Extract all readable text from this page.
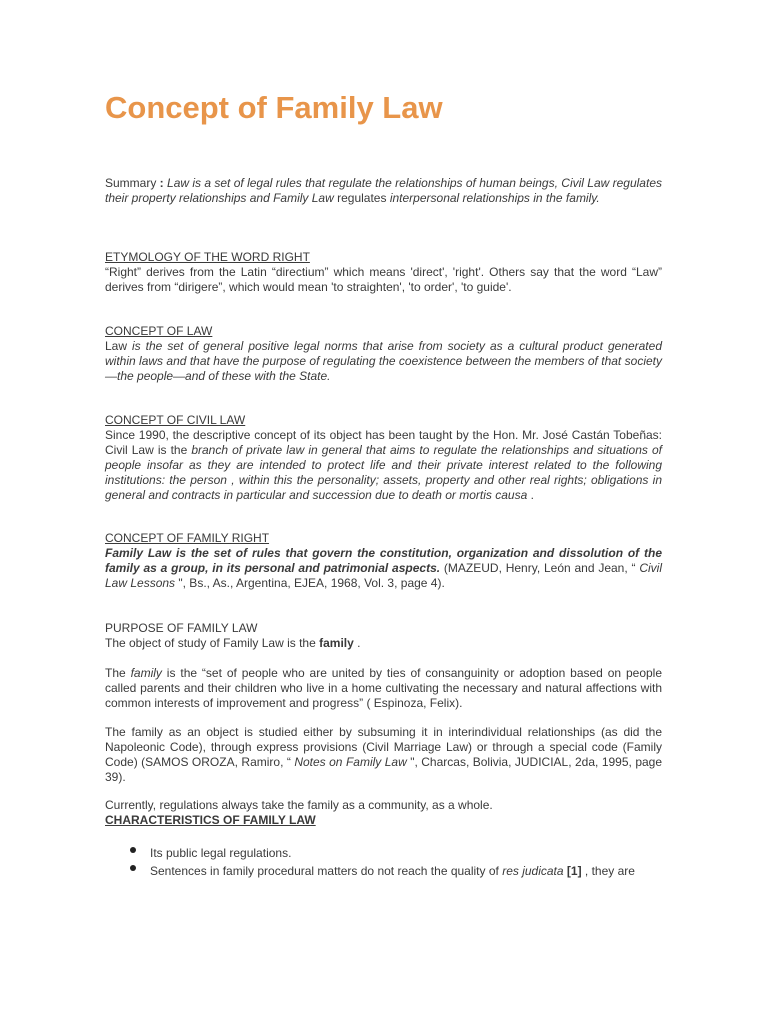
Concept of Family Law

Summary : Law is a set of legal rules that regulate the relationships of human beings, Civil Law regulates their property relationships and Family Law regulates interpersonal relationships in the family.

ETYMOLOGY OF THE WORD RIGHT

“Right” derives from the Latin “directium” which means 'direct', 'right'. Others say that the word “Law” derives from “dirigere”, which would mean 'to straighten', 'to order', 'to guide'.

CONCEPT OF LAW

Law is the set of general positive legal norms that arise from society as a cultural product generated within laws and that have the purpose of regulating the coexistence between the members of that society—the people—and of these with the State.

CONCEPT OF CIVIL LAW

Since 1990, the descriptive concept of its object has been taught by the Hon. Mr. José Castán Tobeñas: Civil Law is the branch of private law in general that aims to regulate the relationships and situations of people insofar as they are intended to protect life and their private interest related to the following institutions: the person , within this the personality; assets, property and other real rights; obligations in general and contracts in particular and succession due to death or mortis causa .

CONCEPT OF FAMILY RIGHT

Family Law is the set of rules that govern the constitution, organization and dissolution of the family as a group, in its personal and patrimonial aspects. (MAZEUD, Henry, León and Jean, “ Civil Law Lessons ", Bs., As., Argentina, EJEA, 1968, Vol. 3, page 4).

PURPOSE OF FAMILY LAW

The object of study of Family Law is the family .

The family is the “set of people who are united by ties of consanguinity or adoption based on people called parents and their children who live in a home cultivating the necessary and natural affections with common interests of improvement and progress” ( Espinoza, Felix).

The family as an object is studied either by subsuming it in interindividual relationships (as did the Napoleonic Code), through express provisions (Civil Marriage Law) or through a special code (Family Code) (SAMOS OROZA, Ramiro, “ Notes on Family Law ", Charcas, Bolivia, JUDICIAL, 2da, 1995, page 39).

Currently, regulations always take the family as a community, as a whole.

CHARACTERISTICS OF FAMILY LAW

Its public legal regulations.
Sentences in family procedural matters do not reach the quality of res judicata [1] , they are
